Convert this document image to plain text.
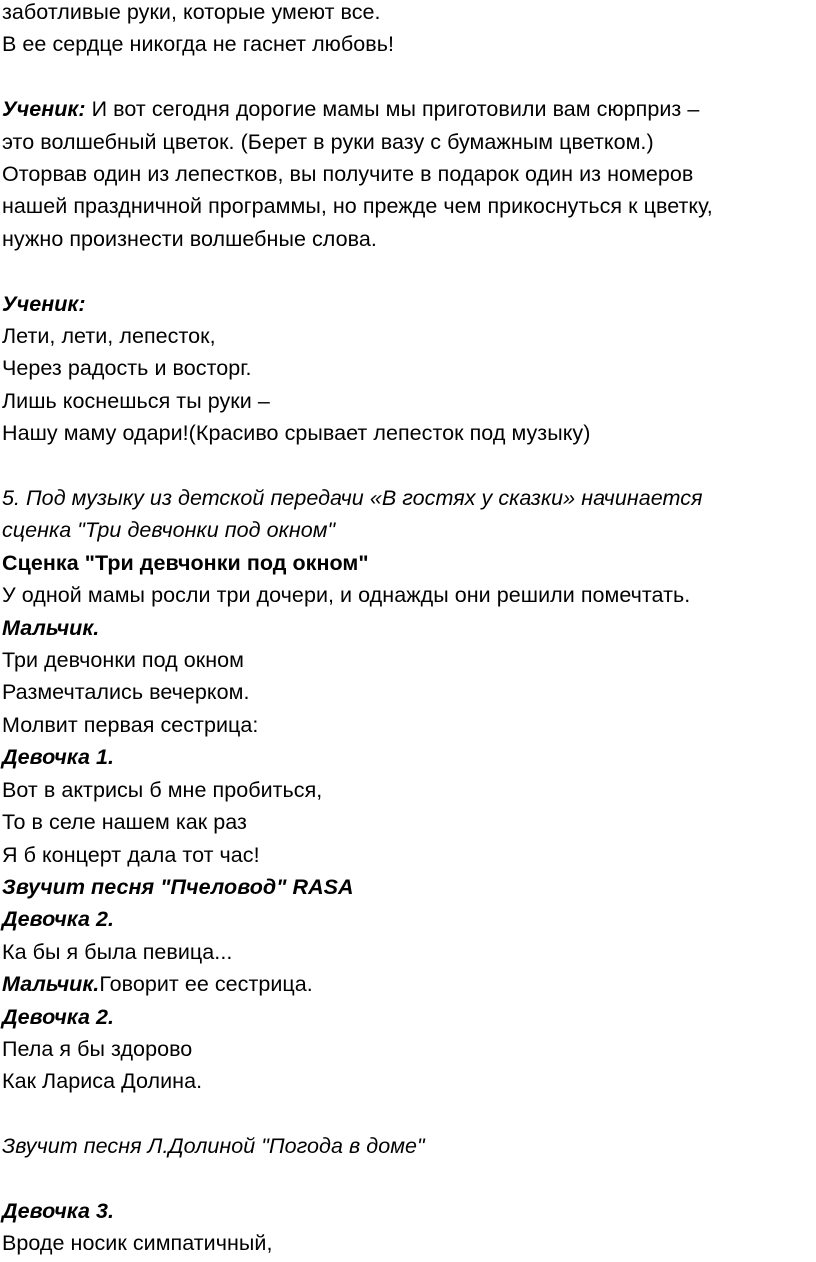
заботливые руки, которые умеют все.
В ее сердце никогда не гаснет любовь!
Ученик: И вот сегодня дорогие мамы мы приготовили вам сюрприз –
это волшебный цветок. (Берет в руки вазу с бумажным цветком.)
Оторвав один из лепестков, вы получите в подарок один из номеров
нашей праздничной программы, но прежде чем прикоснуться к цветку,
нужно произнести волшебные слова.
Ученик:
Лети, лети, лепесток,
Через радость и восторг.
Лишь коснешься ты руки –
Нашу маму одари!(Красиво срывает лепесток под музыку)
5. Под музыку из детской передачи «В гостях у сказки» начинается
сценка "Три девчонки под окном"
Сценка "Три девчонки под окном"
У одной мамы росли три дочери, и однажды они решили помечтать.
Мальчик.
Три девчонки под окном
Размечтались вечерком.
Молвит первая сестрица:
Девочка 1.
Вот в актрисы б мне пробиться,
То в селе нашем как раз
Я б концерт дала тот час!
Звучит песня "Пчеловод" RASA
Девочка 2.
Ка бы я была певица...
Мальчик.Говорит ее сестрица.
Девочка 2.
Пела я бы здорово
Как Лариса Долина.
Звучит песня Л.Долиной "Погода в доме"
Девочка 3.
Вроде носик симпатичный,
